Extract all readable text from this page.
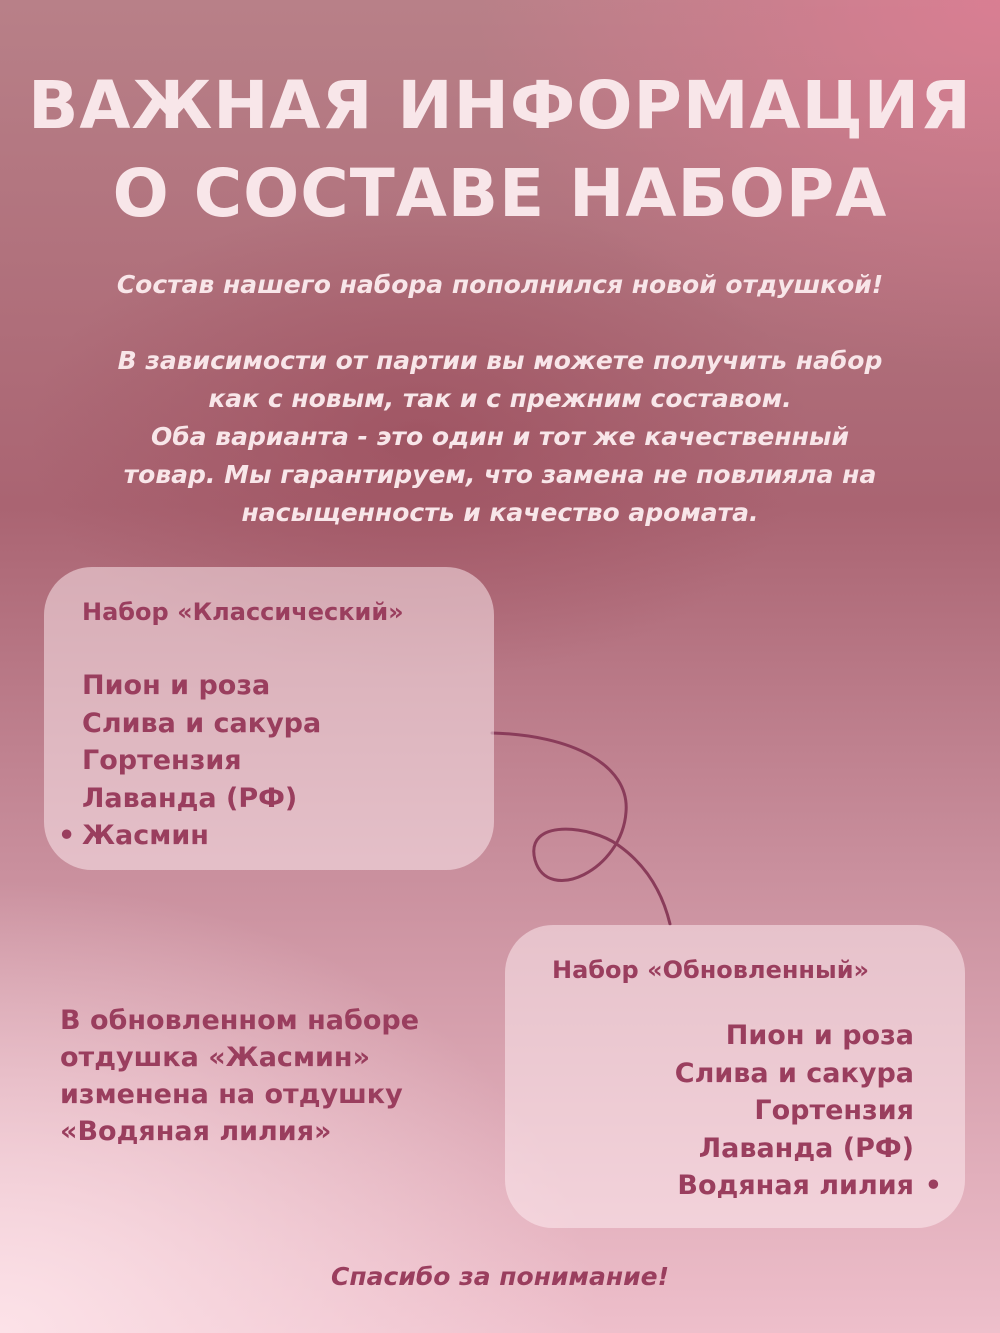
ВАЖНАЯ ИНФОРМАЦИЯ
О СОСТАВЕ НАБОРА

Состав нашего набора пополнился новой отдушкой!

В зависимости от партии вы можете получить набор
как с новым, так и с прежним составом.
Оба варианта - это один и тот же качественный
товар. Мы гарантируем, что замена не повлияла на
насыщенность и качество аромата.

Набор «Классический»
Пион и роза
Слива и сакура
Гортензия
Лаванда (РФ)
• Жасмин
Набор «Обновленный»
Пион и роза
Слива и сакура
Гортензия
Лаванда (РФ)
Водяная лилия •
В обновленном наборе
отдушка «Жасмин»
изменена на отдушку
«Водяная лилия»
Спасибо за понимание!
